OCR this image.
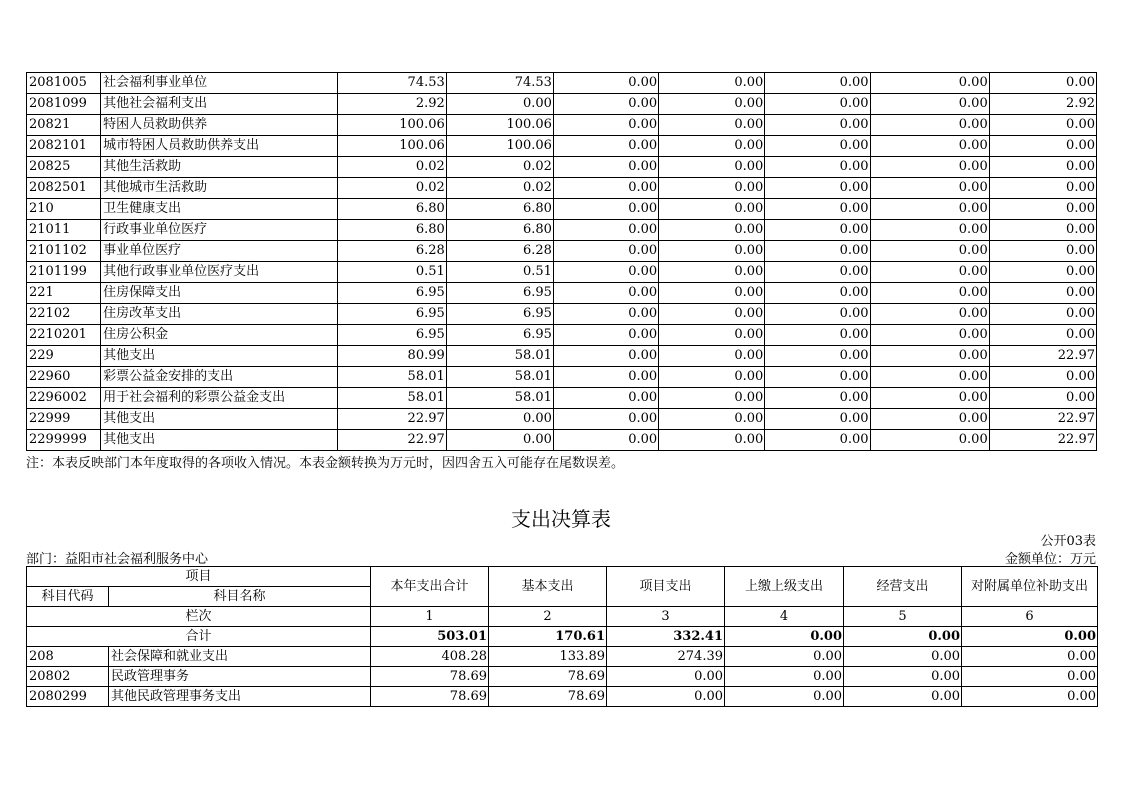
2081005	社会福利事业单位	74.53	74.53	0.00	0.00	0.00	0.00	0.00
2081099	其他社会福利支出	2.92	0.00	0.00	0.00	0.00	0.00	2.92
20821	特困人员救助供养	100.06	100.06	0.00	0.00	0.00	0.00	0.00
2082101	城市特困人员救助供养支出	100.06	100.06	0.00	0.00	0.00	0.00	0.00
20825	其他生活救助	0.02	0.02	0.00	0.00	0.00	0.00	0.00
2082501	其他城市生活救助	0.02	0.02	0.00	0.00	0.00	0.00	0.00
210	卫生健康支出	6.80	6.80	0.00	0.00	0.00	0.00	0.00
21011	行政事业单位医疗	6.80	6.80	0.00	0.00	0.00	0.00	0.00
2101102	事业单位医疗	6.28	6.28	0.00	0.00	0.00	0.00	0.00
2101199	其他行政事业单位医疗支出	0.51	0.51	0.00	0.00	0.00	0.00	0.00
221	住房保障支出	6.95	6.95	0.00	0.00	0.00	0.00	0.00
22102	住房改革支出	6.95	6.95	0.00	0.00	0.00	0.00	0.00
2210201	住房公积金	6.95	6.95	0.00	0.00	0.00	0.00	0.00
229	其他支出	80.99	58.01	0.00	0.00	0.00	0.00	22.97
22960	彩票公益金安排的支出	58.01	58.01	0.00	0.00	0.00	0.00	0.00
2296002	用于社会福利的彩票公益金支出	58.01	58.01	0.00	0.00	0.00	0.00	0.00
22999	其他支出	22.97	0.00	0.00	0.00	0.00	0.00	22.97
2299999	其他支出	22.97	0.00	0.00	0.00	0.00	0.00	22.97
注：本表反映部门本年度取得的各项收入情况。本表金额转换为万元时，因四舍五入可能存在尾数误差。
支出决算表
公开03表
部门：益阳市社会福利服务中心	金额单位：万元
项目		本年支出合计	基本支出	项目支出	上缴上级支出	经营支出	对附属单位补助支出
科目代码	科目名称						
栏次		1	2	3	4	5	6
合计		503.01	170.61	332.41	0.00	0.00	0.00
208	社会保障和就业支出	408.28	133.89	274.39	0.00	0.00	0.00
20802	民政管理事务	78.69	78.69	0.00	0.00	0.00	0.00
2080299	其他民政管理事务支出	78.69	78.69	0.00	0.00	0.00	0.00
